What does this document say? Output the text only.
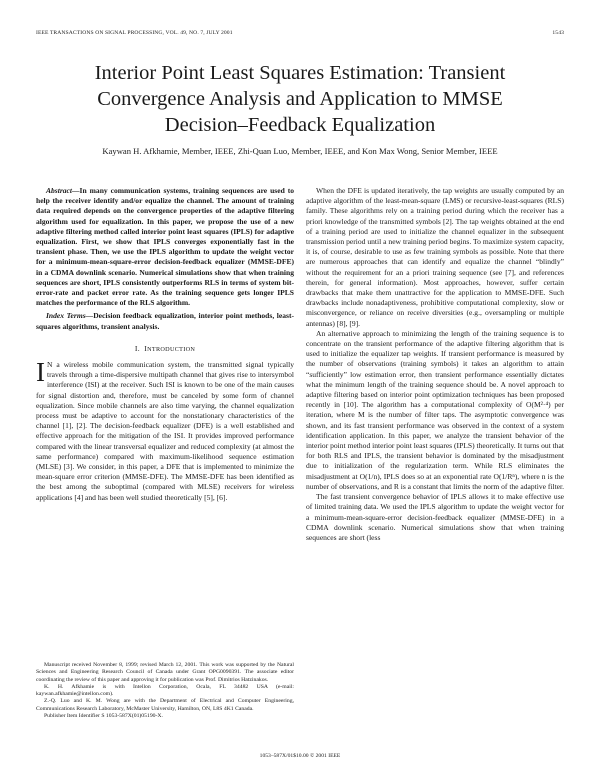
IEEE TRANSACTIONS ON SIGNAL PROCESSING, VOL. 49, NO. 7, JULY 2001	1543
Interior Point Least Squares Estimation: Transient
Convergence Analysis and Application to MMSE
Decision–Feedback Equalization
Kaywan H. Afkhamie, Member, IEEE, Zhi-Quan Luo, Member, IEEE, and Kon Max Wong, Senior Member, IEEE

Abstract—In many communication systems, training sequences are used to help the receiver identify and/or equalize the channel. The amount of training data required depends on the convergence properties of the adaptive filtering algorithm used for equalization. In this paper, we propose the use of a new adaptive filtering method called interior point least squares (IPLS) for adaptive equalization. First, we show that IPLS converges exponentially fast in the transient phase. Then, we use the IPLS algorithm to update the weight vector for a minimum-mean-square-error decision-feedback equalizer (MMSE-DFE) in a CDMA downlink scenario. Numerical simulations show that when training sequences are short, IPLS consistently outperforms RLS in terms of system bit-error-rate and packet error rate. As the training sequence gets longer IPLS matches the performance of the RLS algorithm.

Index Terms—Decision feedback equalization, interior point methods, least-squares algorithms, transient analysis.

I. INTRODUCTION

I N a wireless mobile communication system, the transmitted signal typically travels through a time-dispersive multipath channel that gives rise to intersymbol interference (ISI) at the receiver. Such ISI is known to be one of the main causes for signal distortion and, therefore, must be canceled by some form of channel equalization. Since mobile channels are also time varying, the channel equalization process must be adaptive to account for the nonstationary characteristics of the channel [1], [2]. The decision-feedback equalizer (DFE) is a well established and effective approach for the mitigation of the ISI. It provides improved performance compared with the linear transversal equalizer and reduced complexity (at almost the same performance) compared with maximum-likelihood sequence estimation (MLSE) [3]. We consider, in this paper, a DFE that is implemented to minimize the mean-square error criterion (MMSE-DFE). The MMSE-DFE has been identified as the best among the suboptimal (compared with MLSE) receivers for wireless applications [4] and has been well studied theoretically [5], [6].

Manuscript received November 8, 1999; revised March 12, 2001. This work was supported by the Natural Sciences and Engineering Research Council of Canada under Grant OPG0090391. The associate editor coordinating the review of this paper and approving it for publication was Prof. Dimitrios Hatzinakos.

K. H. Afkhamie is with Intellon Corporation, Ocala, FL 34482 USA (e-mail: kaywan.afkhamie@intellon.com).

Z.-Q. Luo and K. M. Wong are with the Department of Electrical and Computer Engineering, Communications Research Laboratory, McMaster University, Hamilton, ON, L8S 4K1 Canada.

Publisher Item Identifier S 1053-587X(01)05190-X.

When the DFE is updated iteratively, the tap weights are usually computed by an adaptive algorithm of the least-mean-square (LMS) or recursive-least-squares (RLS) family. These algorithms rely on a training period during which the receiver has a priori knowledge of the transmitted symbols [2]. The tap weights obtained at the end of a training period are used to initialize the channel equalizer in the subsequent transmission period until a new training period begins. To maximize system capacity, it is, of course, desirable to use as few training symbols as possible. Note that there are numerous approaches that can identify and equalize the channel “blindly” without the requirement for an a priori training sequence (see [7], and references therein, for general information). Most approaches, however, suffer certain drawbacks that make them unattractive for the application to MMSE-DFE. Such drawbacks include nonadaptiveness, prohibitive computational complexity, slow or misconvergence, or reliance on receive diversities (e.g., oversampling or multiple antennas) [8], [9].

An alternative approach to minimizing the length of the training sequence is to concentrate on the transient performance of the adaptive filtering algorithm that is used to initialize the equalizer tap weights. If transient performance is measured by the number of observations (training symbols) it takes an algorithm to attain “sufficiently” low estimation error, then transient performance essentially dictates what the minimum length of the training sequence should be. A novel approach to adaptive filtering based on interior point optimization techniques has been proposed recently in [10]. The algorithm has a computational complexity of O(M²·⁴) per iteration, where M is the number of filter taps. The asymptotic convergence was shown, and its fast transient performance was observed in the context of a system identification application. In this paper, we analyze the transient behavior of the interior point method interior point least squares (IPLS) theoretically. It turns out that for both RLS and IPLS, the transient behavior is dominated by the misadjustment due to initialization of the regularization term. While RLS eliminates the misadjustment at O(1/n), IPLS does so at an exponential rate O(1/Rⁿ), where n is the number of observations, and R is a constant that limits the norm of the adaptive filter.

The fast transient convergence behavior of IPLS allows it to make effective use of limited training data. We used the IPLS algorithm to update the weight vector for a minimum-mean-square-error decision-feedback equalizer (MMSE-DFE) in a CDMA downlink scenario. Numerical simulations show that when training sequences are short (less

1053–587X/01$10.00 © 2001 IEEE
